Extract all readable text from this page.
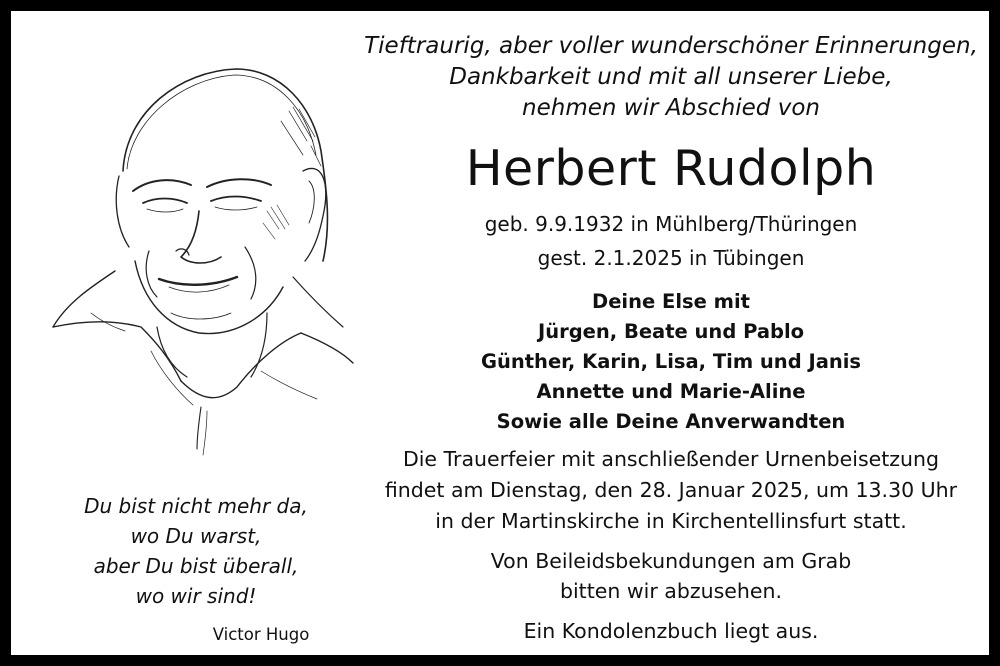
Tieftraurig, aber voller wunderschöner Erinnerungen,
Dankbarkeit und mit all unserer Liebe,
nehmen wir Abschied von
Herbert Rudolph
geb. 9.9.1932 in Mühlberg/Thüringen
gest. 2.1.2025 in Tübingen
Deine Else mit
Jürgen, Beate und Pablo
Günther, Karin, Lisa, Tim und Janis
Annette und Marie-Aline
Sowie alle Deine Anverwandten
Die Trauerfeier mit anschließender Urnenbeisetzung
findet am Dienstag, den 28. Januar 2025, um 13.30 Uhr
in der Martinskirche in Kirchentellinsfurt statt.
Von Beileidsbekundungen am Grab
bitten wir abzusehen.
Ein Kondolenzbuch liegt aus.
Du bist nicht mehr da,
wo Du warst,
aber Du bist überall,
wo wir sind!
Victor Hugo
